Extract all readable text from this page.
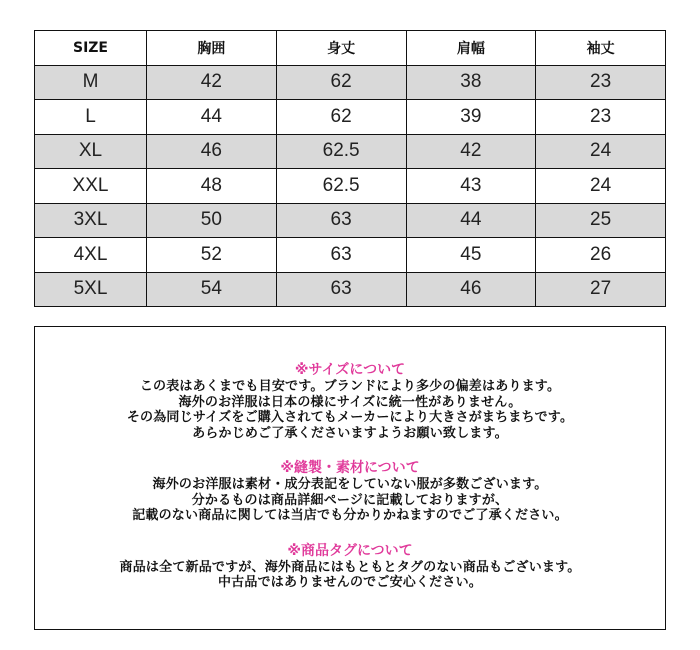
SIZE	胸囲	身丈	肩幅	袖丈
M	42	62	38	23
L	44	62	39	23
XL	46	62.5	42	24
XXL	48	62.5	43	24
3XL	50	63	44	25
4XL	52	63	45	26
5XL	54	63	46	27

※サイズについて

この表はあくまでも目安です。ブランドにより多少の偏差はあります。

海外のお洋服は日本の様にサイズに統一性がありません。

その為同じサイズをご購入されてもメーカーにより大きさがまちまちです。

あらかじめご了承くださいますようお願い致します。

※縫製・素材について

海外のお洋服は素材・成分表記をしていない服が多数ございます。

分かるものは商品詳細ページに記載しておりますが、

記載のない商品に関しては当店でも分かりかねますのでご了承ください。

※商品タグについて

商品は全て新品ですが、海外商品にはもともとタグのない商品もございます。

中古品ではありませんのでご安心ください。
